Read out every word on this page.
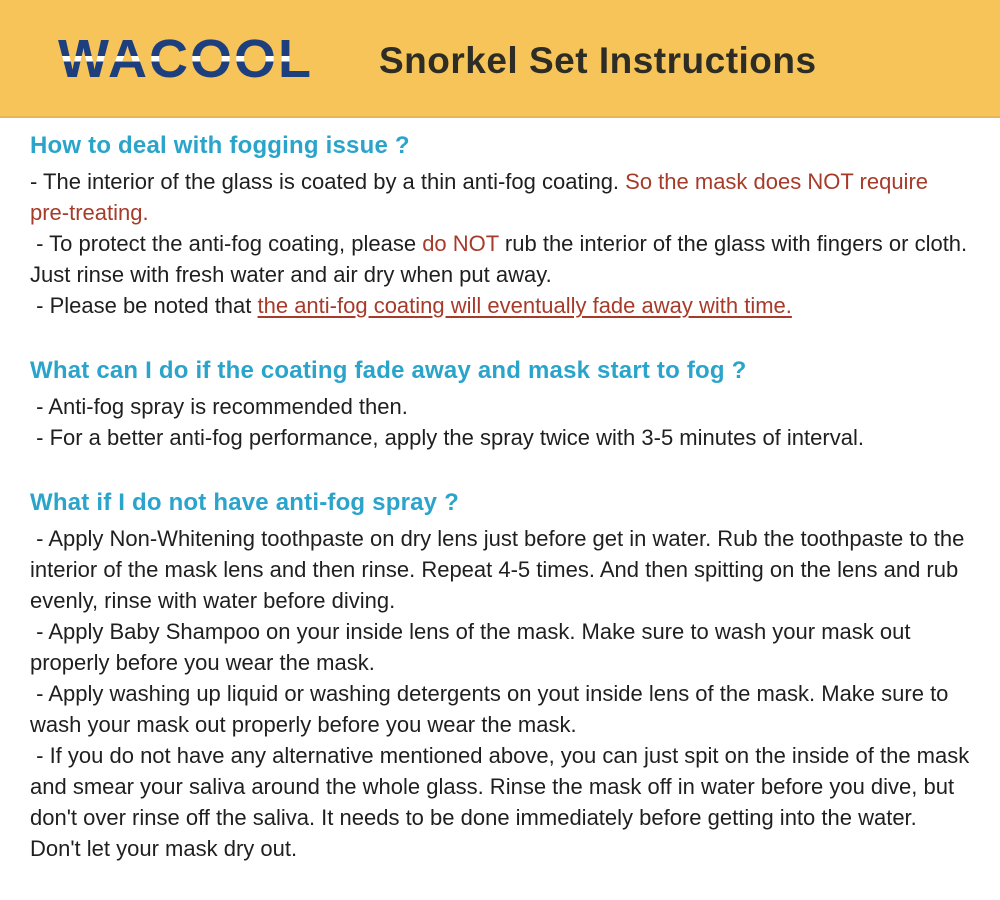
WACOOL Snorkel Set Instructions
How to deal with fogging issue ?

- The interior of the glass is coated by a thin anti-fog coating. So the mask does NOT require pre-treating.

- To protect the anti-fog coating, please do NOT rub the interior of the glass with fingers or cloth. Just rinse with fresh water and air dry when put away.

- Please be noted that the anti-fog coating will eventually fade away with time.

What can I do if the coating fade away and mask start to fog ?

- Anti-fog spray is recommended then.

- For a better anti-fog performance, apply the spray twice with 3-5 minutes of interval.

What if I do not have anti-fog spray ?

- Apply Non-Whitening toothpaste on dry lens just before get in water. Rub the toothpaste to the interior of the mask lens and then rinse. Repeat 4-5 times. And then spitting on the lens and rub evenly, rinse with water before diving.

- Apply Baby Shampoo on your inside lens of the mask. Make sure to wash your mask out properly before you wear the mask.

- Apply washing up liquid or washing detergents on yout inside lens of the mask. Make sure to wash your mask out properly before you wear the mask.

- If you do not have any alternative mentioned above, you can just spit on the inside of the mask and smear your saliva around the whole glass. Rinse the mask off in water before you dive, but don't over rinse off the saliva. It needs to be done immediately before getting into the water. Don't let your mask dry out.
